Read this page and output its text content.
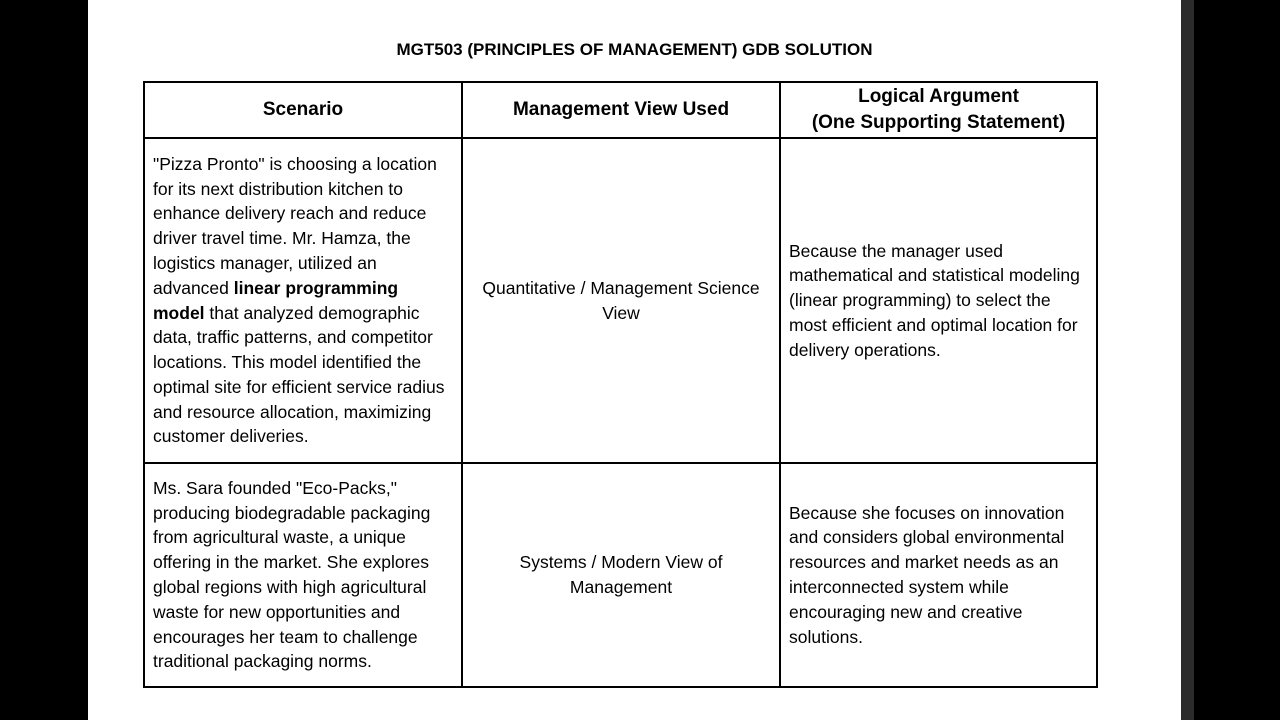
MGT503 (PRINCIPLES OF MANAGEMENT) GDB SOLUTION
Scenario	Management View Used	Logical Argument
(One Supporting Statement)

"Pizza Pronto" is choosing a location for its next distribution kitchen to enhance delivery reach and reduce driver travel time. Mr. Hamza, the logistics manager, utilized an advanced linear programming model that analyzed demographic data, traffic patterns, and competitor locations. This model identified the optimal site for efficient service radius and resource allocation, maximizing customer deliveries.	Quantitative / Management Science View	Because the manager used mathematical and statistical modeling (linear programming) to select the most efficient and optimal location for delivery operations.
Ms. Sara founded "Eco-Packs," producing biodegradable packaging from agricultural waste, a unique offering in the market. She explores global regions with high agricultural waste for new opportunities and encourages her team to challenge traditional packaging norms.	Systems / Modern View of Management	Because she focuses on innovation and considers global environmental resources and market needs as an interconnected system while encouraging new and creative solutions.
